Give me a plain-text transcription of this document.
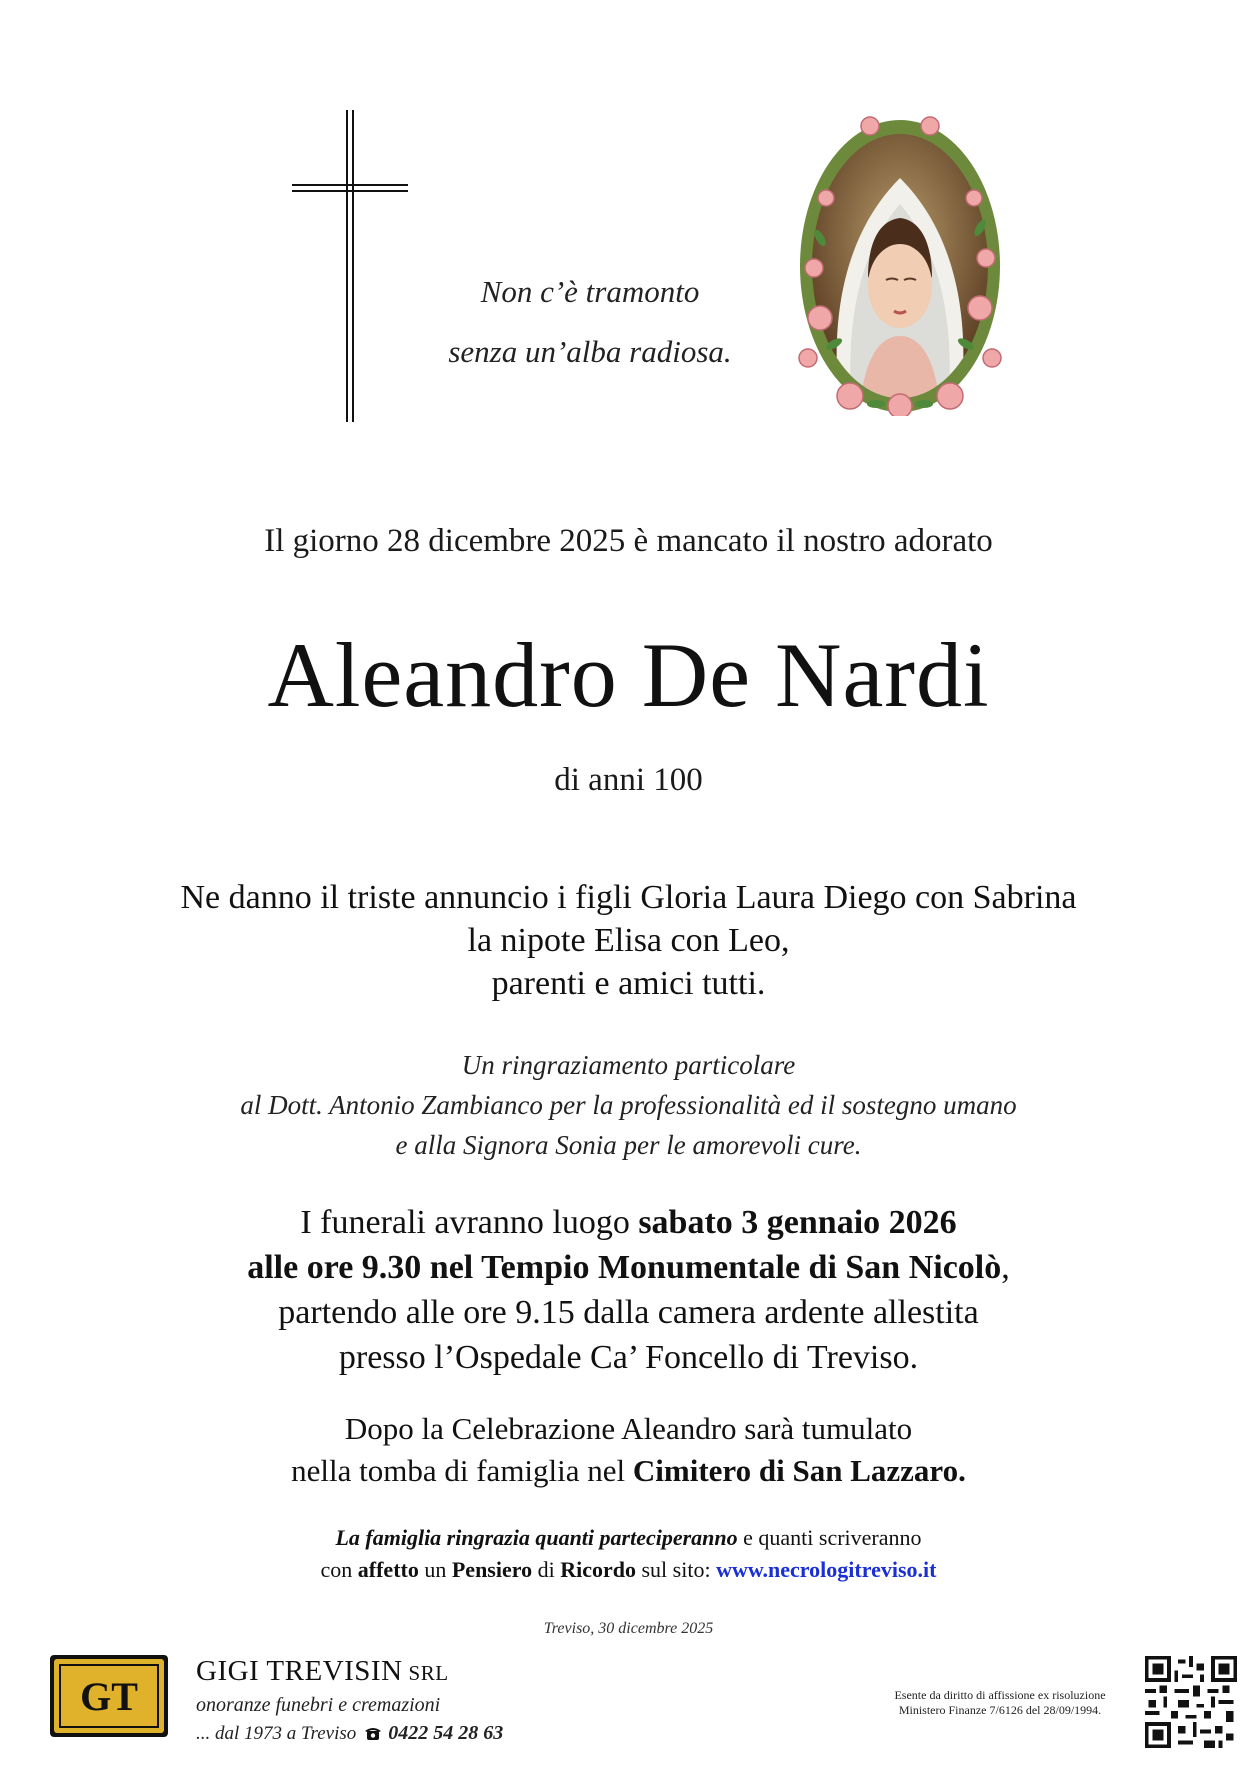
Non c’è tramonto
senza un’alba radiosa.
Il giorno 28 dicembre 2025 è mancato il nostro adorato
Aleandro De Nardi
di anni 100
Ne danno il triste annuncio i figli Gloria Laura Diego con Sabrina
la nipote Elisa con Leo,
parenti e amici tutti.
Un ringraziamento particolare
al Dott. Antonio Zambianco per la professionalità ed il sostegno umano
e alla Signora Sonia per le amorevoli cure.
I funerali avranno luogo sabato 3 gennaio 2026
alle ore 9.30 nel Tempio Monumentale di San Nicolò,
partendo alle ore 9.15 dalla camera ardente allestita
presso l’Ospedale Ca’ Foncello di Treviso.
Dopo la Celebrazione Aleandro sarà tumulato
nella tomba di famiglia nel Cimitero di San Lazzaro.
La famiglia ringrazia quanti parteciperanno e quanti scriveranno
con affetto un Pensiero di Ricordo sul sito: www.necrologitreviso.it
Treviso, 30 dicembre 2025
GT
GIGI TREVISIN SRL
onoranze funebri e cremazioni
... dal 1973 a Treviso 0422 54 28 63
Esente da diritto di affissione ex risoluzione
Ministero Finanze 7/6126 del 28/09/1994.
